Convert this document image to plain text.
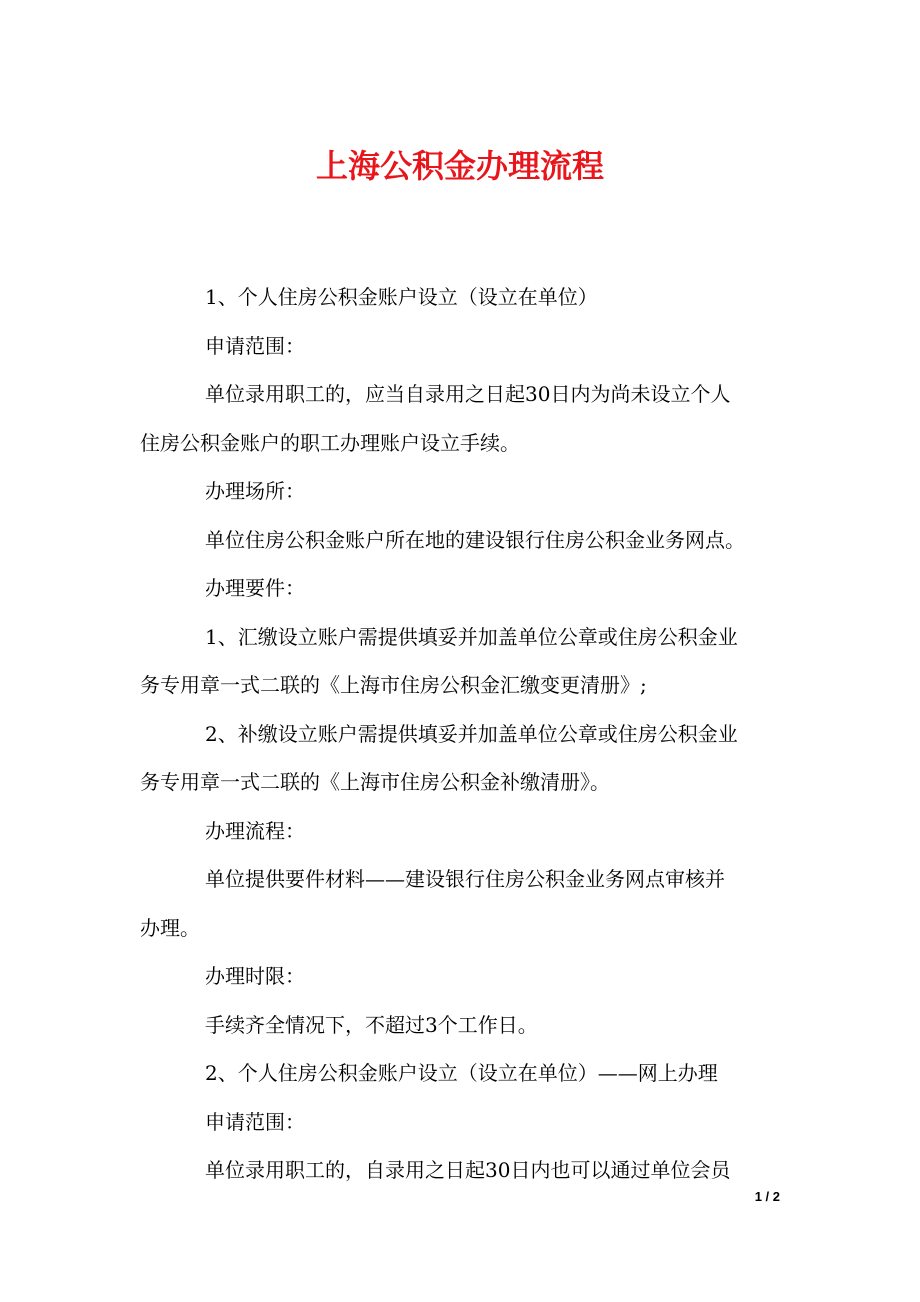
上海公积金办理流程

1、个人住房公积金账户设立（设立在单位）

申请范围：

单位录用职工的，应当自录用之日起30日内为尚未设立个人

住房公积金账户的职工办理账户设立手续。

办理场所：

单位住房公积金账户所在地的建设银行住房公积金业务网点。

办理要件：

1、汇缴设立账户需提供填妥并加盖单位公章或住房公积金业

务专用章一式二联的《上海市住房公积金汇缴变更清册》;

2、补缴设立账户需提供填妥并加盖单位公章或住房公积金业

务专用章一式二联的《上海市住房公积金补缴清册》。

办理流程：

单位提供要件材料——建设银行住房公积金业务网点审核并

办理。

办理时限：

手续齐全情况下，不超过3个工作日。

2、个人住房公积金账户设立（设立在单位）——网上办理

申请范围：

单位录用职工的，自录用之日起30日内也可以通过单位会员

1 / 2
